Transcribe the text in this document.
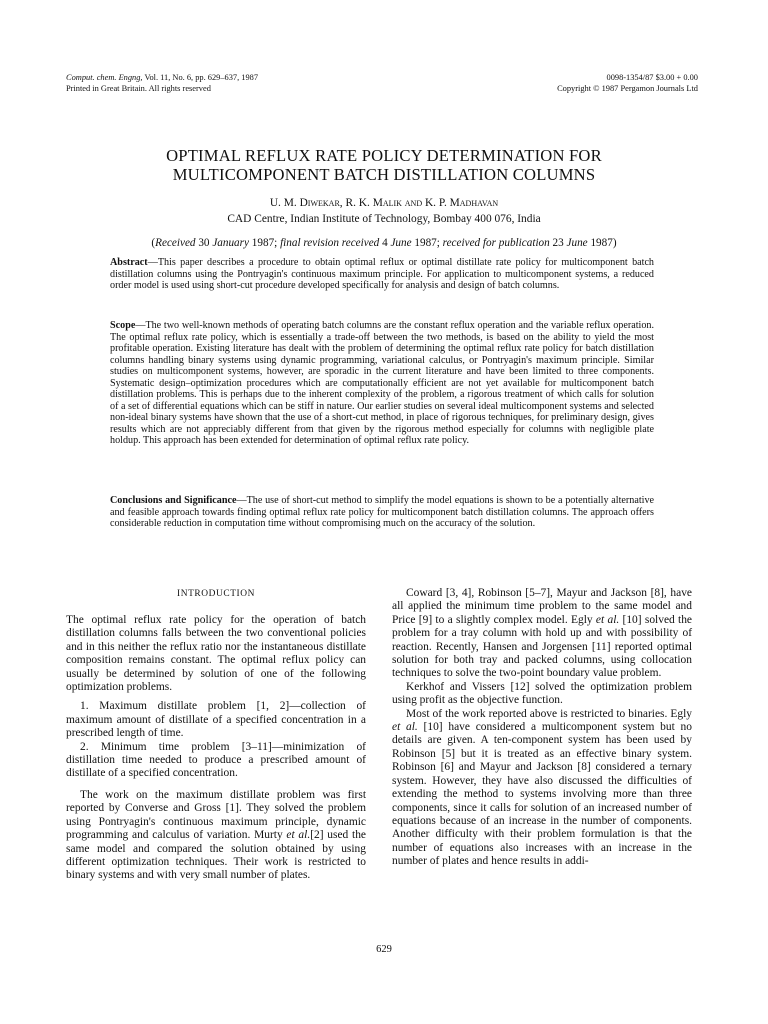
Comput. chem. Engng, Vol. 11, No. 6, pp. 629–637, 1987
Printed in Great Britain. All rights reserved
0098-1354/87 $3.00 + 0.00
Copyright © 1987 Pergamon Journals Ltd
OPTIMAL REFLUX RATE POLICY DETERMINATION FOR
MULTICOMPONENT BATCH DISTILLATION COLUMNS
U. M. Diwekar, R. K. Malik and K. P. Madhavan
CAD Centre, Indian Institute of Technology, Bombay 400 076, India
(Received 30 January 1987; final revision received 4 June 1987; received for publication 23 June 1987)
Abstract—This paper describes a procedure to obtain optimal reflux or optimal distillate rate policy for multicomponent batch distillation columns using the Pontryagin's continuous maximum principle. For application to multicomponent systems, a reduced order model is used using short-cut procedure developed specifically for analysis and design of batch columns.
Scope—The two well-known methods of operating batch columns are the constant reflux operation and the variable reflux operation. The optimal reflux rate policy, which is essentially a trade-off between the two methods, is based on the ability to yield the most profitable operation. Existing literature has dealt with the problem of determining the optimal reflux rate policy for batch distillation columns handling binary systems using dynamic programming, variational calculus, or Pontryagin's maximum principle. Similar studies on multicomponent systems, however, are sporadic in the current literature and have been limited to three components. Systematic design–optimization procedures which are computationally efficient are not yet available for multicomponent batch distillation problems. This is perhaps due to the inherent complexity of the problem, a rigorous treatment of which calls for solution of a set of differential equations which can be stiff in nature. Our earlier studies on several ideal multicomponent systems and selected non-ideal binary systems have shown that the use of a short-cut method, in place of rigorous techniques, for preliminary design, gives results which are not appreciably different from that given by the rigorous method especially for columns with negligible plate holdup. This approach has been extended for determination of optimal reflux rate policy.
Conclusions and Significance—The use of short-cut method to simplify the model equations is shown to be a potentially alternative and feasible approach towards finding optimal reflux rate policy for multicomponent batch distillation columns. The approach offers considerable reduction in computation time without compromising much on the accuracy of the solution.
INTRODUCTION

The optimal reflux rate policy for the operation of batch distillation columns falls between the two conventional policies and in this neither the reflux ratio nor the instantaneous distillate composition remains constant. The optimal reflux policy can usually be determined by solution of one of the following optimization problems.

1. Maximum distillate problem [1, 2]—collection of maximum amount of distillate of a specified concentration in a prescribed length of time.

2. Minimum time problem [3–11]—minimization of distillation time needed to produce a prescribed amount of distillate of a specified concentration.

The work on the maximum distillate problem was first reported by Converse and Gross [1]. They solved the problem using Pontryagin's continuous maximum principle, dynamic programming and calculus of variation. Murty et al.[2] used the same model and compared the solution obtained by using different optimization techniques. Their work is restricted to binary systems and with very small number of plates.

Coward [3, 4], Robinson [5–7], Mayur and Jackson [8], have all applied the minimum time problem to the same model and Price [9] to a slightly complex model. Egly et al. [10] solved the problem for a tray column with hold up and with possibility of reaction. Recently, Hansen and Jorgensen [11] reported optimal solution for both tray and packed columns, using collocation techniques to solve the two-point boundary value problem.

Kerkhof and Vissers [12] solved the optimization problem using profit as the objective function.

Most of the work reported above is restricted to binaries. Egly et al. [10] have considered a multicomponent system but no details are given. A ten-component system has been used by Robinson [5] but it is treated as an effective binary system. Robinson [6] and Mayur and Jackson [8] considered a ternary system. However, they have also discussed the difficulties of extending the method to systems involving more than three components, since it calls for solution of an increased number of equations because of an increase in the number of components. Another difficulty with their problem formulation is that the number of equations also increases with an increase in the number of plates and hence results in addi-

629
